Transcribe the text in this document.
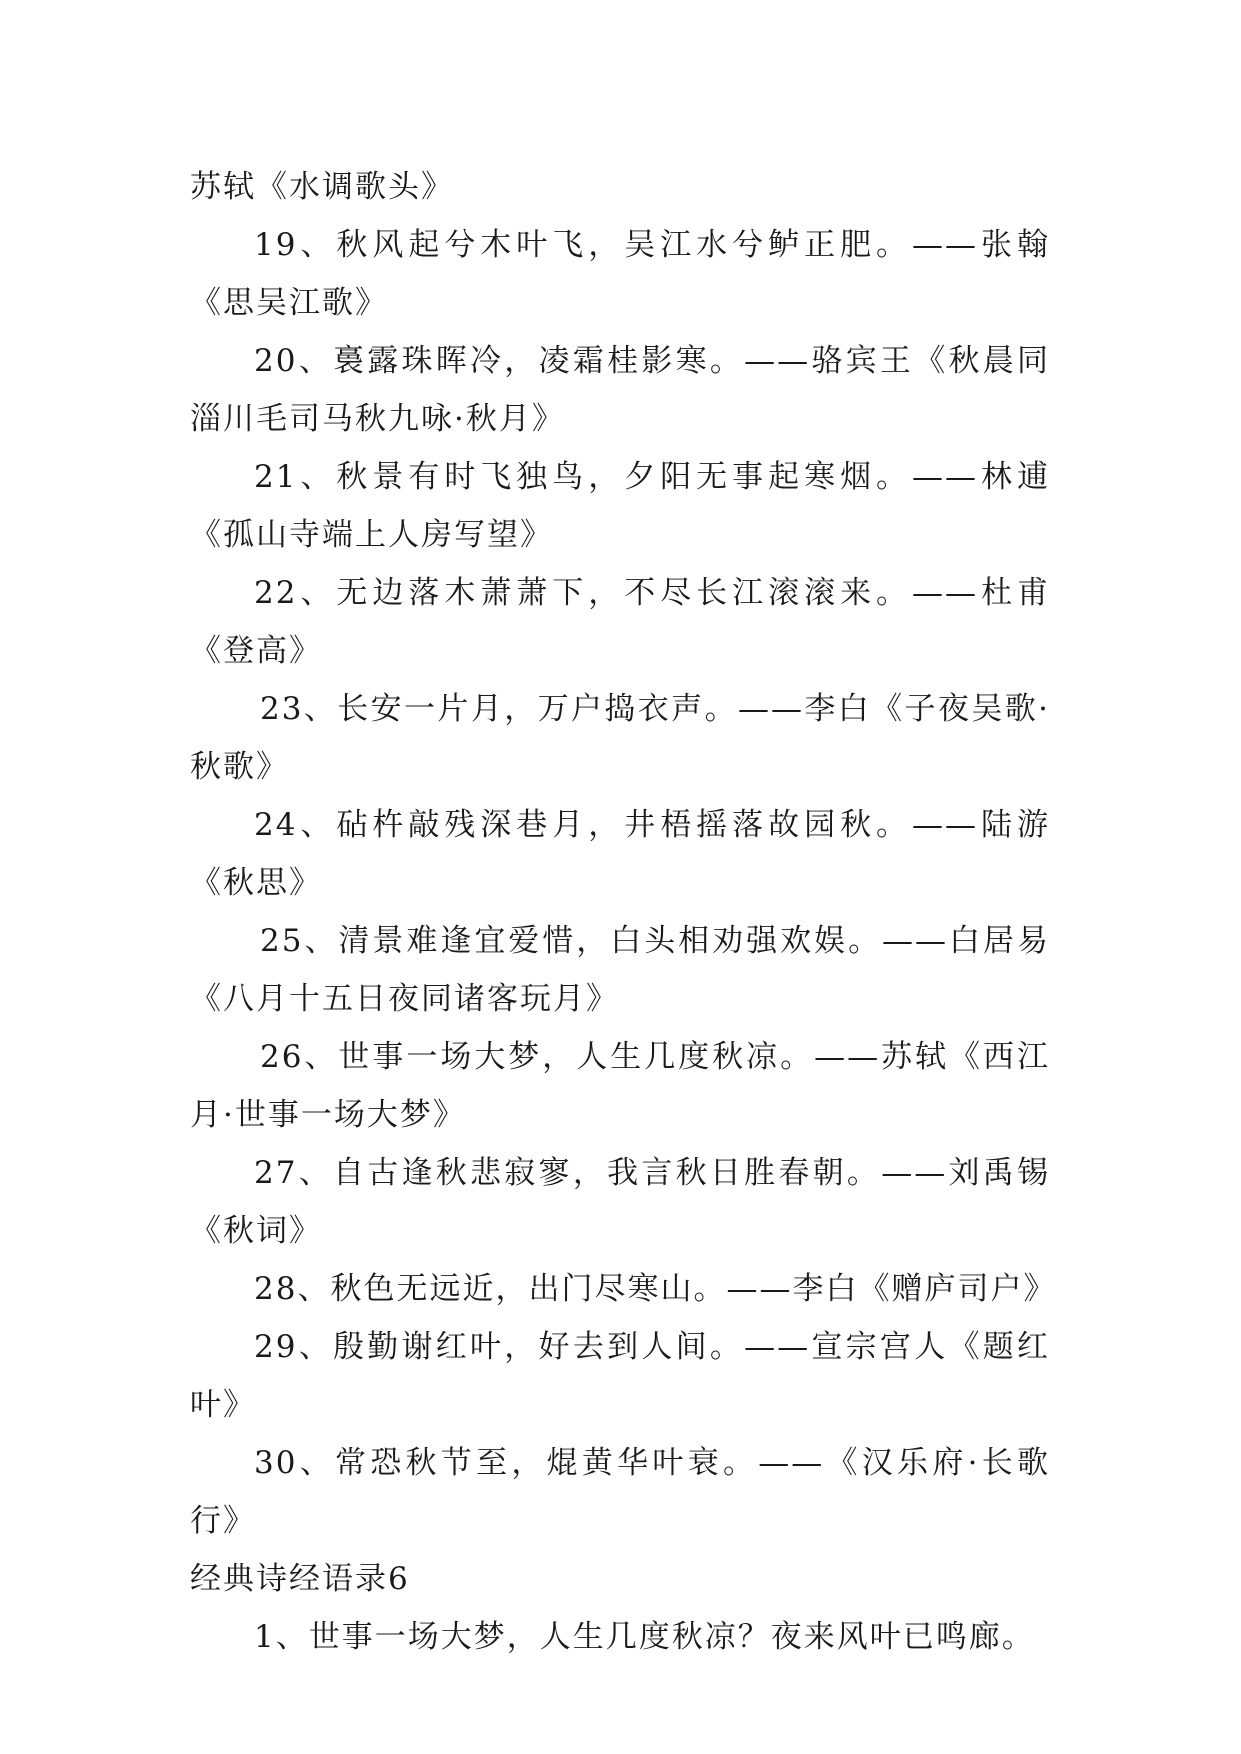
苏轼《水调歌头》

19、秋风起兮木叶飞，吴江水兮鲈正肥。——张翰《思吴江歌》

20、裛露珠晖冷，凌霜桂影寒。——骆宾王《秋晨同淄川毛司马秋九咏·秋月》

21、秋景有时飞独鸟，夕阳无事起寒烟。——林逋《孤山寺端上人房写望》

22、无边落木萧萧下，不尽长江滚滚来。——杜甫《登高》

23、长安一片月，万户捣衣声。——李白《子夜吴歌·秋歌》

24、砧杵敲残深巷月，井梧摇落故园秋。——陆游《秋思》

25、清景难逢宜爱惜，白头相劝强欢娱。——白居易《八月十五日夜同诸客玩月》

26、世事一场大梦，人生几度秋凉。——苏轼《西江月·世事一场大梦》

27、自古逢秋悲寂寥，我言秋日胜春朝。——刘禹锡《秋词》

28、秋色无远近，出门尽寒山。——李白《赠庐司户》

29、殷勤谢红叶，好去到人间。——宣宗宫人《题红叶》

30、常恐秋节至，焜黄华叶衰。——《汉乐府·长歌行》

经典诗经语录6

1、世事一场大梦，人生几度秋凉？夜来风叶已鸣廊。
